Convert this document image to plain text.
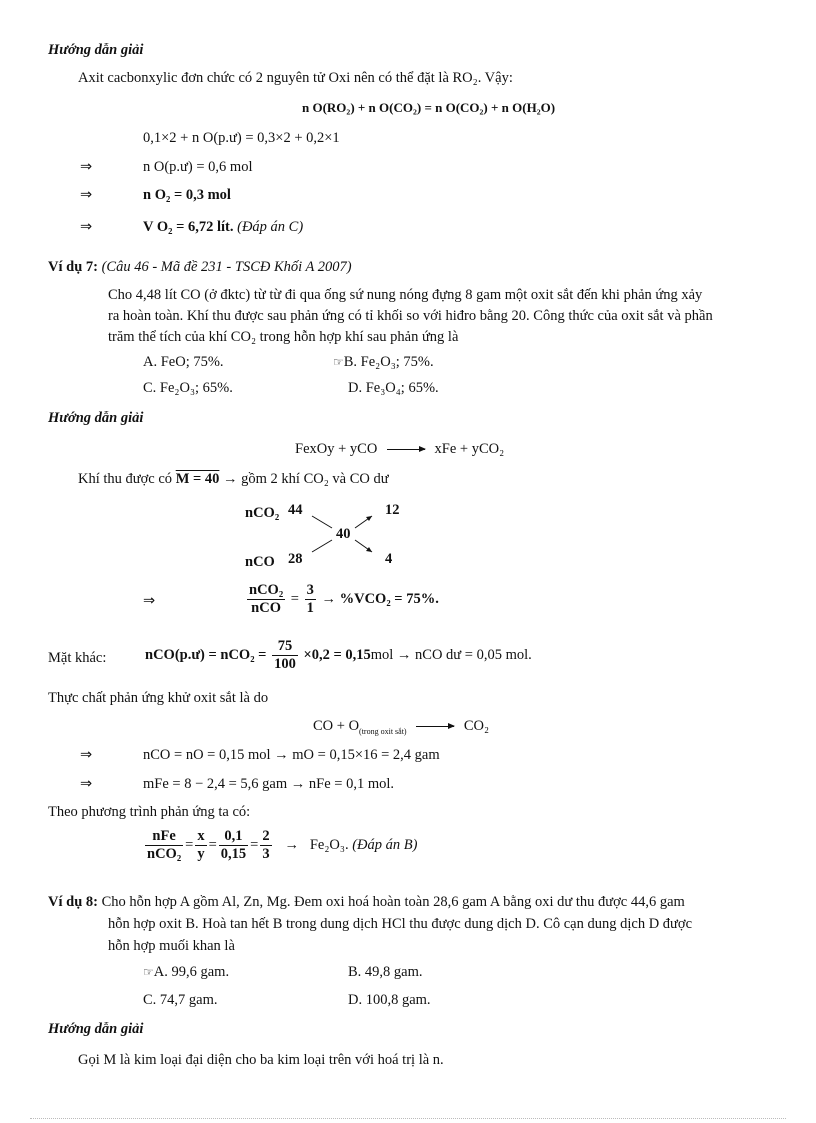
Hướng dẫn giải
Axit cacbonxylic đơn chức có 2 nguyên tử Oxi nên có thể đặt là RO₂. Vậy:
n O(RO₂) + n O(CO₂) = n O(CO₂) + n O(H₂O)
0,1×2 + n O(p.ư) = 0,3×2 + 0,2×1
⇒	n O(p.ư) = 0,6 mol
⇒	n O₂ = 0,3 mol
⇒	V O₂ = 6,72 lít. (Đáp án C)
Ví dụ 7: (Câu 46 - Mã đề 231 - TSCĐ Khối A 2007)
Cho 4,48 lít CO (ở đktc) từ từ đi qua ống sứ nung nóng đựng 8 gam một oxit sắt đến khi phản ứng xảy
ra hoàn toàn. Khí thu được sau phản ứng có tỉ khối so với hiđro bằng 20. Công thức của oxit sắt và phần
trăm thể tích của khí CO₂ trong hỗn hợp khí sau phản ứng là
A. FeO; 75%.	☞B. Fe₂O₃; 75%.
C. Fe₂O₃; 65%.	D. Fe₃O₄; 65%.
Hướng dẫn giải
FexOy + yCO	xFe + yCO₂
Khí thu được có M = 40 → gồm 2 khí CO₂ và CO dư
nCO₂ 44
40
12
nCO 28	4
⇒	$\frac{\text{nCO₂}}{\text{nCO}} = \frac{3}{1} \to \%VCO_2 = 75\%$.
Mặt khác:	nCO(p.ư) = $nCO_2 = \frac{75}{100} \times 0,2 = 0,15mol$ → nCO dư = 0,05 mol.
Thực chất phản ứng khử oxit sắt là do
CO + $O_{(trong oxit sắt)}$	CO₂
⇒	nCO = nO = 0,15 mol → mO = 0,15×16 = 2,4 gam
⇒	mFe = 8 − 2,4 = 5,6 gam → nFe = 0,1 mol.
Theo phương trình phản ứng ta có:
$\frac{\text{nFe}}{\text{nCO₂}} = \frac{x}{y} = \frac{0,1}{0,15} = \frac{2}{3} \to Fe_2O_3$. (Đáp án B)
Ví dụ 8: Cho hỗn hợp A gồm Al, Zn, Mg. Đem oxi hoá hoàn toàn 28,6 gam A bằng oxi dư thu được 44,6 gam
hỗn hợp oxit B. Hoà tan hết B trong dung dịch HCl thu được dung dịch D. Cô cạn dung dịch D được
hỗn hợp muối khan là
☞A. 99,6 gam.	B. 49,8 gam.
C. 74,7 gam.	D. 100,8 gam.
Hướng dẫn giải
Gọi M là kim loại đại diện cho ba kim loại trên với hoá trị là n.
